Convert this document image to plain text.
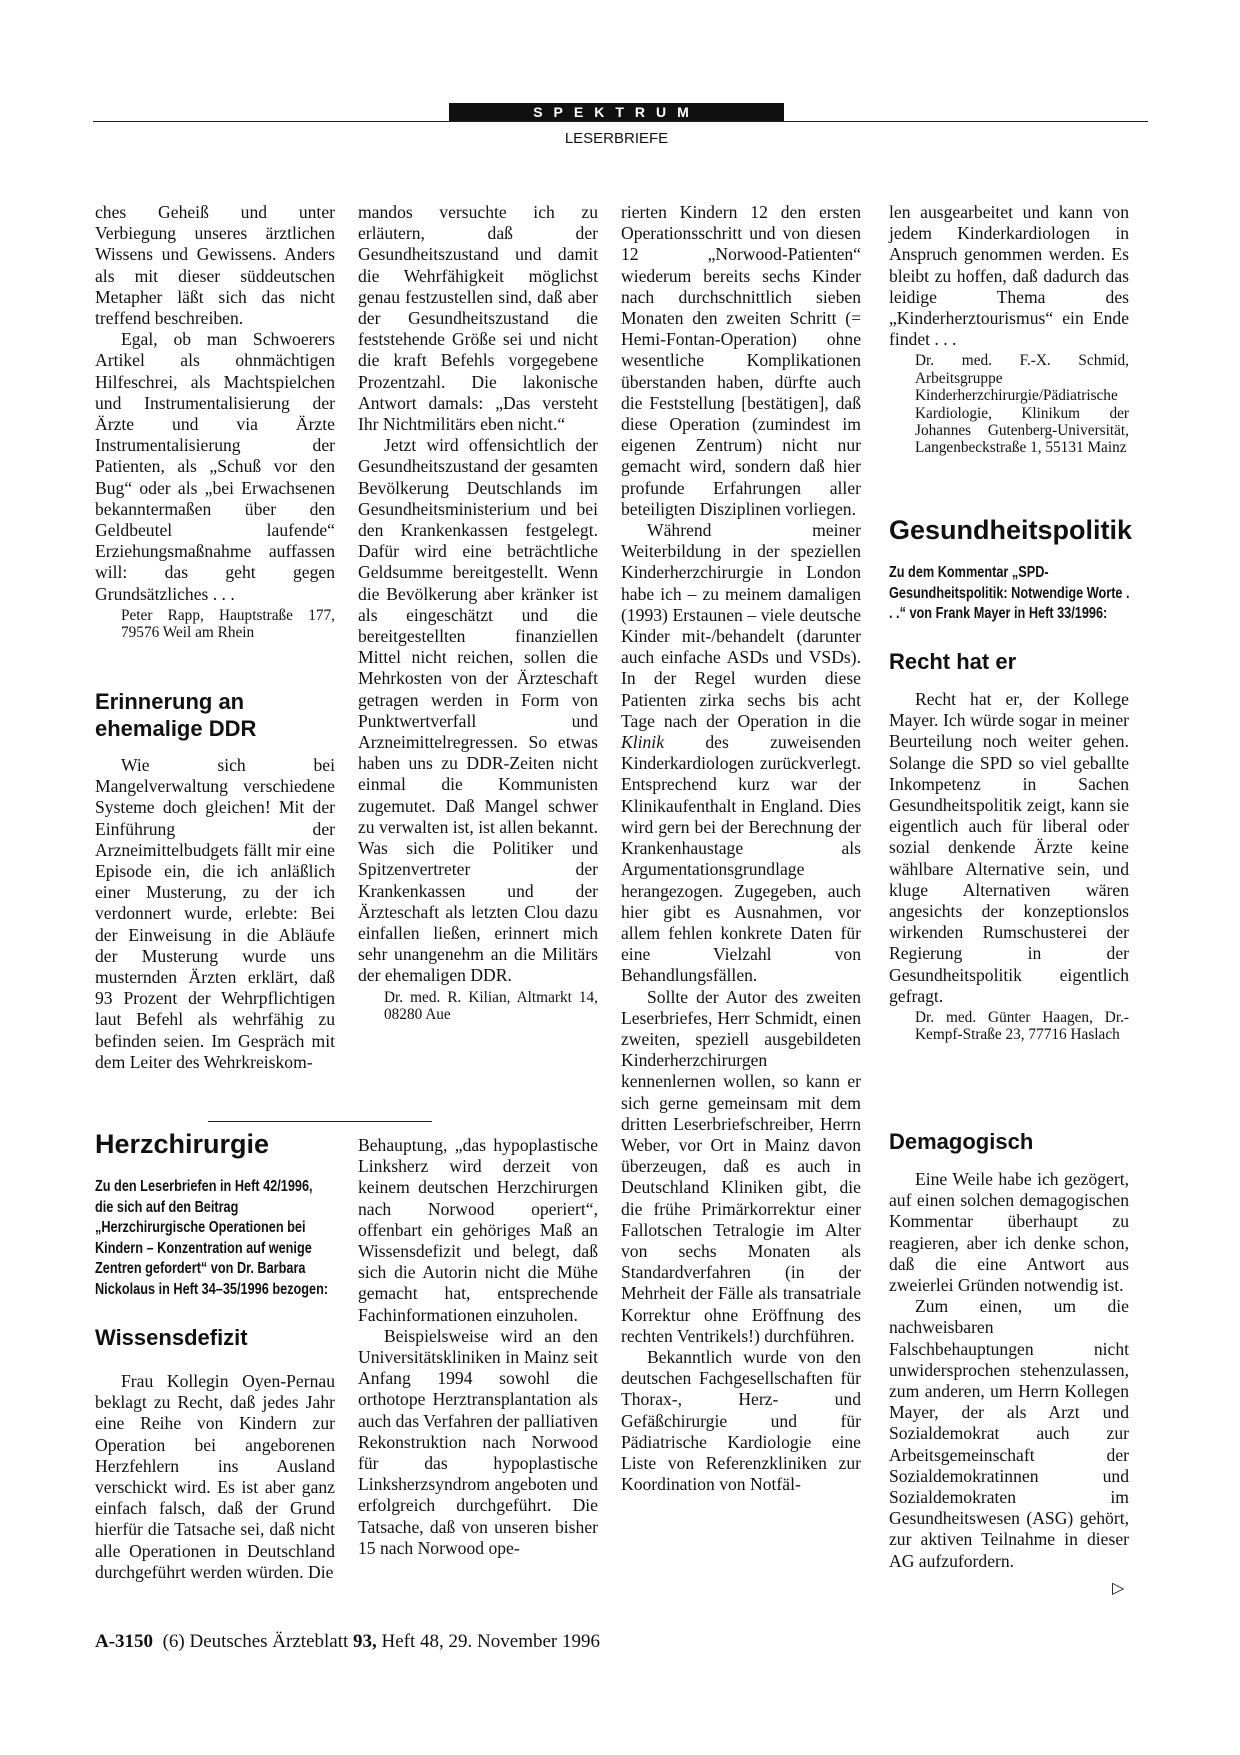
SPEKTRUM
LESERBRIEFE

ches Geheiß und unter Verbiegung unseres ärztlichen Wissens und Gewissens. Anders als mit dieser süddeutschen Metapher läßt sich das nicht treffend beschreiben.

Egal, ob man Schwoerers Artikel als ohnmächtigen Hilfeschrei, als Machtspielchen und Instrumentalisierung der Ärzte und via Ärzte Instrumentalisierung der Patienten, als „Schuß vor den Bug“ oder als „bei Erwachsenen bekanntermaßen über den Geldbeutel laufende“ Erziehungsmaßnahme auffassen will: das geht gegen Grundsätzliches . . .

Peter Rapp, Hauptstraße 177, 79576 Weil am Rhein

Erinnerung an ehemalige DDR

Wie sich bei Mangelverwaltung verschiedene Systeme doch gleichen! Mit der Einführung der Arzneimittelbudgets fällt mir eine Episode ein, die ich anläßlich einer Musterung, zu der ich verdonnert wurde, erlebte: Bei der Einweisung in die Abläufe der Musterung wurde uns musternden Ärzten erklärt, daß 93 Prozent der Wehrpflichtigen laut Befehl als wehrfähig zu befinden seien. Im Gespräch mit dem Leiter des Wehrkreiskom-

mandos versuchte ich zu erläutern, daß der Gesundheitszustand und damit die Wehrfähigkeit möglichst genau festzustellen sind, daß aber der Gesundheitszustand die feststehende Größe sei und nicht die kraft Befehls vorgegebene Prozentzahl. Die lakonische Antwort damals: „Das versteht Ihr Nichtmilitärs eben nicht.“

Jetzt wird offensichtlich der Gesundheitszustand der gesamten Bevölkerung Deutschlands im Gesundheitsministerium und bei den Krankenkassen festgelegt. Dafür wird eine beträchtliche Geldsumme bereitgestellt. Wenn die Bevölkerung aber kränker ist als eingeschätzt und die bereitgestellten finanziellen Mittel nicht reichen, sollen die Mehrkosten von der Ärzteschaft getragen werden in Form von Punktwertverfall und Arzneimittelregressen. So etwas haben uns zu DDR-Zeiten nicht einmal die Kommunisten zugemutet. Daß Mangel schwer zu verwalten ist, ist allen bekannt. Was sich die Politiker und Spitzenvertreter der Krankenkassen und der Ärzteschaft als letzten Clou dazu einfallen ließen, erinnert mich sehr unangenehm an die Militärs der ehemaligen DDR.

Dr. med. R. Kilian, Altmarkt 14, 08280 Aue

Herzchirurgie
Zu den Leserbriefen in Heft 42/1996, die sich auf den Beitrag „Herzchirurgische Operationen bei Kindern – Konzentration auf wenige Zentren gefordert“ von Dr. Barbara Nickolaus in Heft 34–35/1996 bezogen:
Wissensdefizit

Frau Kollegin Oyen-Pernau beklagt zu Recht, daß jedes Jahr eine Reihe von Kindern zur Operation bei angeborenen Herzfehlern ins Ausland verschickt wird. Es ist aber ganz einfach falsch, daß der Grund hierfür die Tatsache sei, daß nicht alle Operationen in Deutschland durchgeführt werden würden. Die

Behauptung, „das hypoplastische Linksherz wird derzeit von keinem deutschen Herzchirurgen nach Norwood operiert“, offenbart ein gehöriges Maß an Wissensdefizit und belegt, daß sich die Autorin nicht die Mühe gemacht hat, entsprechende Fachinformationen einzuholen.

Beispielsweise wird an den Universitätskliniken in Mainz seit Anfang 1994 sowohl die orthotope Herztransplantation als auch das Verfahren der palliativen Rekonstruktion nach Norwood für das hypoplastische Linksherzsyndrom angeboten und erfolgreich durchgeführt. Die Tatsache, daß von unseren bisher 15 nach Norwood ope-

rierten Kindern 12 den ersten Operationsschritt und von diesen 12 „Norwood-Patienten“ wiederum bereits sechs Kinder nach durchschnittlich sieben Monaten den zweiten Schritt (= Hemi-Fontan-Operation) ohne wesentliche Komplikationen überstanden haben, dürfte auch die Feststellung [bestätigen], daß diese Operation (zumindest im eigenen Zentrum) nicht nur gemacht wird, sondern daß hier profunde Erfahrungen aller beteiligten Disziplinen vorliegen.

Während meiner Weiterbildung in der speziellen Kinderherzchirurgie in London habe ich – zu meinem damaligen (1993) Erstaunen – viele deutsche Kinder mit-/behandelt (darunter auch einfache ASDs und VSDs). In der Regel wurden diese Patienten zirka sechs bis acht Tage nach der Operation in die Klinik des zuweisenden Kinderkardiologen zurückverlegt. Entsprechend kurz war der Klinikaufenthalt in England. Dies wird gern bei der Berechnung der Krankenhaustage als Argumentationsgrundlage herangezogen. Zugegeben, auch hier gibt es Ausnahmen, vor allem fehlen konkrete Daten für eine Vielzahl von Behandlungsfällen.

Sollte der Autor des zweiten Leserbriefes, Herr Schmidt, einen zweiten, speziell ausgebildeten Kinderherzchirurgen kennenlernen wollen, so kann er sich gerne gemeinsam mit dem dritten Leserbriefschreiber, Herrn Weber, vor Ort in Mainz davon überzeugen, daß es auch in Deutschland Kliniken gibt, die die frühe Primärkorrektur einer Fallotschen Tetralogie im Alter von sechs Monaten als Standardverfahren (in der Mehrheit der Fälle als transatriale Korrektur ohne Eröffnung des rechten Ventrikels!) durchführen.

Bekanntlich wurde von den deutschen Fachgesellschaften für Thorax-, Herz- und Gefäßchirurgie und für Pädiatrische Kardiologie eine Liste von Referenzkliniken zur Koordination von Notfäl-

len ausgearbeitet und kann von jedem Kinderkardiologen in Anspruch genommen werden. Es bleibt zu hoffen, daß dadurch das leidige Thema des „Kinderherztourismus“ ein Ende findet . . .

Dr. med. F.-X. Schmid, Arbeitsgruppe Kinderherzchirurgie/Pädiatrische Kardiologie, Klinikum der Johannes Gutenberg-Universität, Langenbeckstraße 1, 55131 Mainz

Gesundheitspolitik
Zu dem Kommentar „SPD-Gesundheitspolitik: Notwendige Worte . . .“ von Frank Mayer in Heft 33/1996:
Recht hat er

Recht hat er, der Kollege Mayer. Ich würde sogar in meiner Beurteilung noch weiter gehen. Solange die SPD so viel geballte Inkompetenz in Sachen Gesundheitspolitik zeigt, kann sie eigentlich auch für liberal oder sozial denkende Ärzte keine wählbare Alternative sein, und kluge Alternativen wären angesichts der konzeptionslos wirkenden Rumschusterei der Regierung in der Gesundheitspolitik eigentlich gefragt.

Dr. med. Günter Haagen, Dr.-Kempf-Straße 23, 77716 Haslach

Demagogisch

Eine Weile habe ich gezögert, auf einen solchen demagogischen Kommentar überhaupt zu reagieren, aber ich denke schon, daß die eine Antwort aus zweierlei Gründen notwendig ist.

Zum einen, um die nachweisbaren Falschbehauptungen nicht unwidersprochen stehenzulassen, zum anderen, um Herrn Kollegen Mayer, der als Arzt und Sozialdemokrat auch zur Arbeitsgemeinschaft der Sozialdemokratinnen und Sozialdemokraten im Gesundheitswesen (ASG) gehört, zur aktiven Teilnahme in dieser AG aufzufordern.

▷
A-3150 (6) Deutsches Ärzteblatt 93, Heft 48, 29. November 1996
